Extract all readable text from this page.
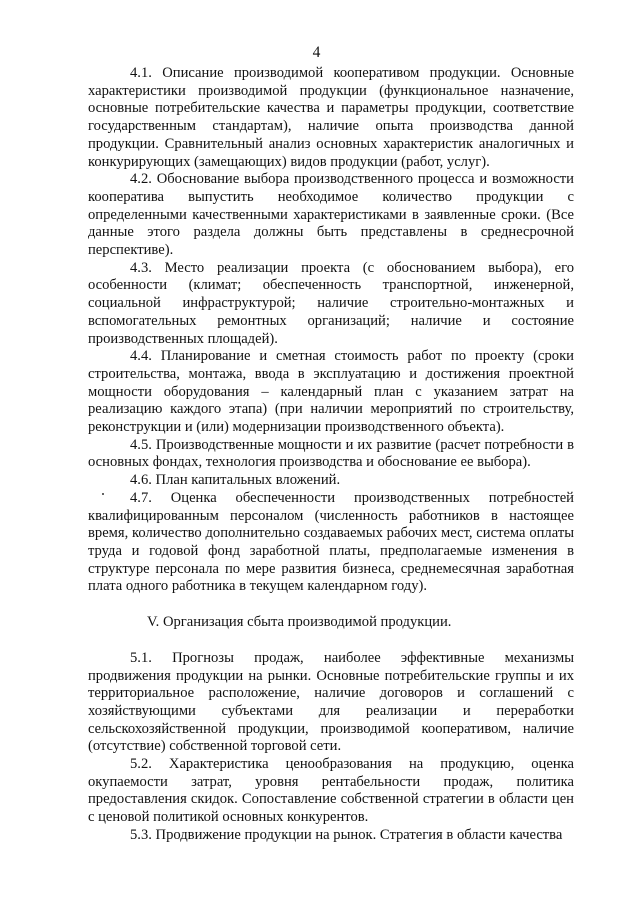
4

4.1. Описание производимой кооперативом продукции. Основные характеристики производимой продукции (функциональное назначение, основные потребительские качества и параметры продукции, соответствие государственным стандартам), наличие опыта производства данной продукции. Сравнительный анализ основных характеристик аналогичных и конкурирующих (замещающих) видов продукции (работ, услуг).

4.2. Обоснование выбора производственного процесса и возможности кооператива выпустить необходимое количество продукции с определенными качественными характеристиками в заявленные сроки. (Все данные этого раздела должны быть представлены в среднесрочной перспективе).

4.3. Место реализации проекта (с обоснованием выбора), его особенности (климат; обеспеченность транспортной, инженерной, социальной инфраструктурой; наличие строительно-монтажных и вспомогательных ремонтных организаций; наличие и состояние производственных площадей).

4.4. Планирование и сметная стоимость работ по проекту (сроки строительства, монтажа, ввода в эксплуатацию и достижения проектной мощности оборудования – календарный план с указанием затрат на реализацию каждого этапа) (при наличии мероприятий по строительству, реконструкции и (или) модернизации производственного объекта).

4.5. Производственные мощности и их развитие (расчет потребности в основных фондах, технология производства и обоснование ее выбора).

4.6. План капитальных вложений.

4.7. Оценка обеспеченности производственных потребностей квалифицированным персоналом (численность работников в настоящее время, количество дополнительно создаваемых рабочих мест, система оплаты труда и годовой фонд заработной платы, предполагаемые изменения в структуре персонала по мере развития бизнеса, среднемесячная заработная плата одного работника в текущем календарном году).

V. Организация сбыта производимой продукции.

5.1. Прогнозы продаж, наиболее эффективные механизмы продвижения продукции на рынки. Основные потребительские группы и их территориальное расположение, наличие договоров и соглашений с хозяйствующими субъектами для реализации и переработки сельскохозяйственной продукции, производимой кооперативом, наличие (отсутствие) собственной торговой сети.

5.2. Характеристика ценообразования на продукцию, оценка окупаемости затрат, уровня рентабельности продаж, политика предоставления скидок. Сопоставление собственной стратегии в области цен с ценовой политикой основных конкурентов.

5.3. Продвижение продукции на рынок. Стратегия в области качества
